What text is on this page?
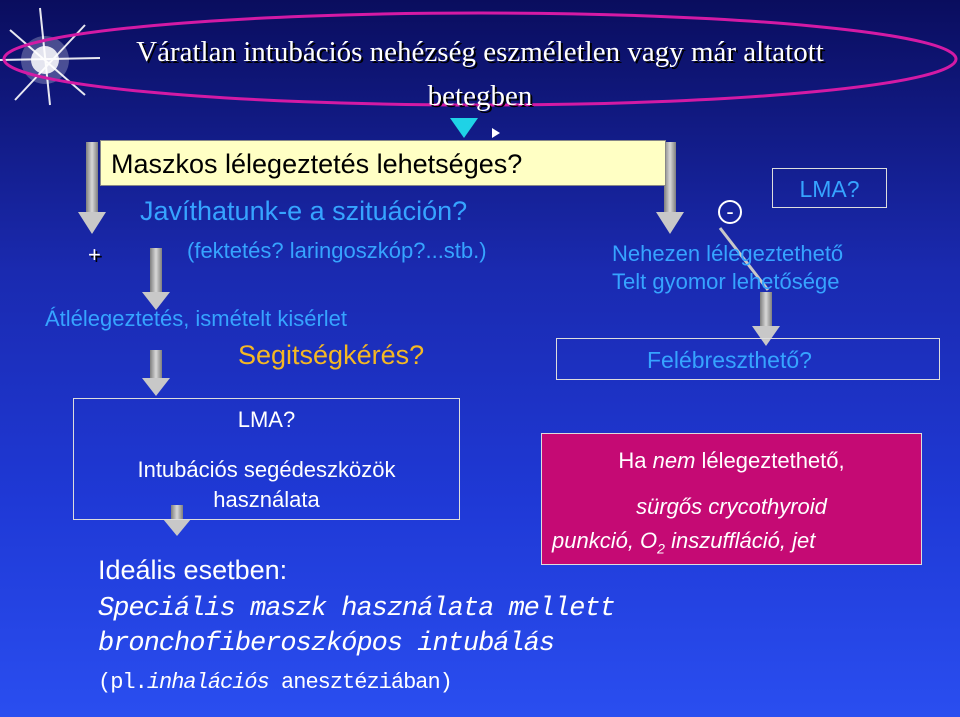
Váratlan intubációs nehézség eszméletlen vagy már altatott
betegben
Maszkos lélegeztetés lehetséges?
Javíthatunk-e a szituáción?
(fektetés? laringoszkóp?...stb.)
+
-
LMA?
Nehezen lélegeztethető
Telt gyomor lehetősége
Átlélegeztetés, ismételt kisérlet
Segitségkérés?	Felébreszthető?
LMA?
Intubációs segédeszközök
használata
Ha nem lélegeztethető,
sürgős crycothyroid
punkció, $O_2$ inszuffláció, jet
Ideális esetben:
Speciális maszk használata mellett
bronchofiberoszkópos intubálás
(pl.inhalációs anesztéziában)
